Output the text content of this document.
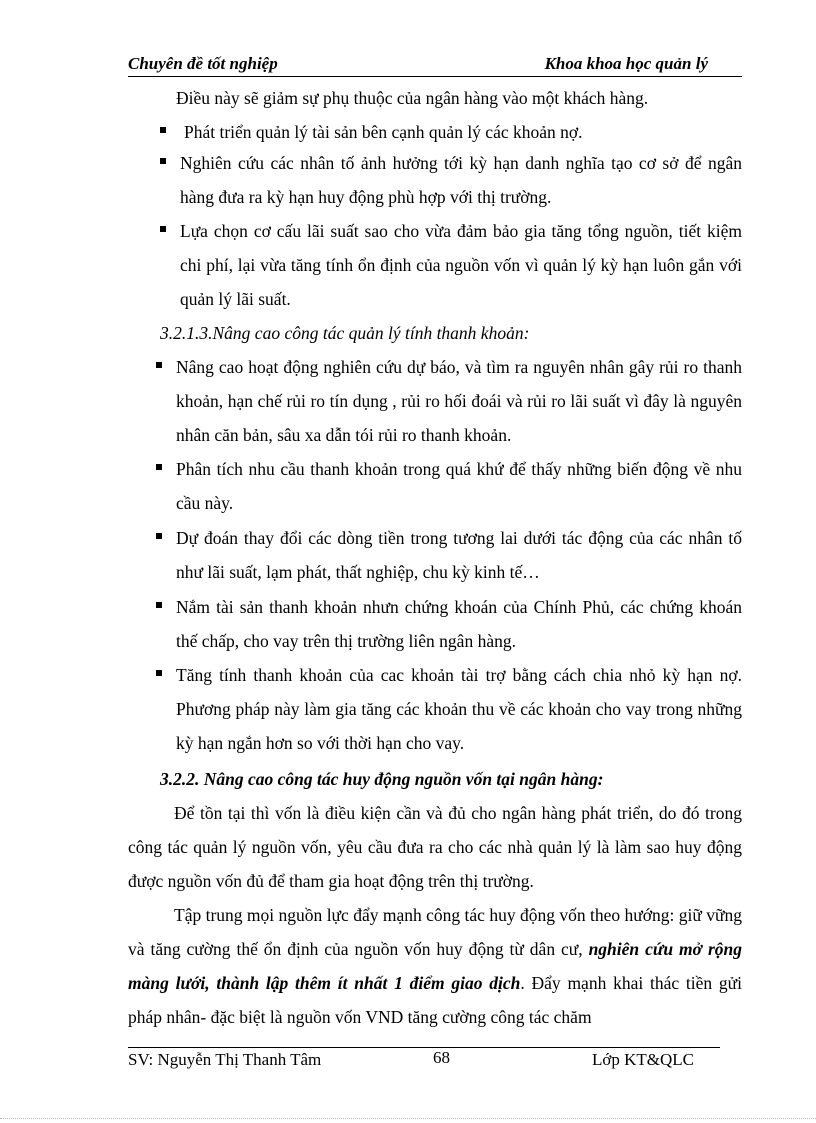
Chuyên đề tốt nghiệp	Khoa khoa học quản lý
Điều này sẽ giảm sự phụ thuộc của ngân hàng vào một khách hàng.
Phát triển quản lý tài sản bên cạnh quản lý các khoản nợ.
Nghiên cứu các nhân tố ảnh hưởng tới kỳ hạn danh nghĩa tạo cơ sở để ngân hàng đưa ra kỳ hạn huy động phù hợp với thị trường.
Lựa chọn cơ cấu lãi suất sao cho vừa đảm bảo gia tăng tổng nguồn, tiết kiệm chi phí, lại vừa tăng tính ổn định của nguồn vốn vì quản lý kỳ hạn luôn gắn với quản lý lãi suất.
3.2.1.3.Nâng cao công tác quản lý tính thanh khoản:
Nâng cao hoạt động nghiên cứu dự báo, và tìm ra nguyên nhân gây rủi ro thanh khoản, hạn chế rủi ro tín dụng , rủi ro hối đoái và rủi ro lãi suất vì đây là nguyên nhân căn bản, sâu xa dẫn tói rủi ro thanh khoản.
Phân tích nhu cầu thanh khoản trong quá khứ để thấy những biến động về nhu cầu này.
Dự đoán thay đổi các dòng tiền trong tương lai dưới tác động của các nhân tố như lãi suất, lạm phát, thất nghiệp, chu kỳ kinh tế…
Nắm tài sản thanh khoản nhưn chứng khoán của Chính Phủ, các chứng khoán thế chấp, cho vay trên thị trường liên ngân hàng.
Tăng tính thanh khoản của cac khoản tài trợ bằng cách chia nhỏ kỳ hạn nợ. Phương pháp này làm gia tăng các khoản thu về các khoản cho vay trong những kỳ hạn ngắn hơn so với thời hạn cho vay.
3.2.2. Nâng cao công tác huy động nguồn vốn tại ngân hàng:
Để tồn tại thì vốn là điều kiện cần và đủ cho ngân hàng phát triển, do đó trong công tác quản lý nguồn vốn, yêu cầu đưa ra cho các nhà quản lý là làm sao huy động được nguồn vốn đủ để tham gia hoạt động trên thị trường.
Tập trung mọi nguồn lực đẩy mạnh công tác huy động vốn theo hướng: giữ vững và tăng cường thế ổn định của nguồn vốn huy động từ dân cư, nghiên cứu mở rộng màng lưới, thành lập thêm ít nhất 1 điểm giao dịch. Đẩy mạnh khai thác tiền gửi pháp nhân- đặc biệt là nguồn vốn VND tăng cường công tác chăm
SV: Nguyễn Thị Thanh Tâm	68	Lớp KT&QLC
